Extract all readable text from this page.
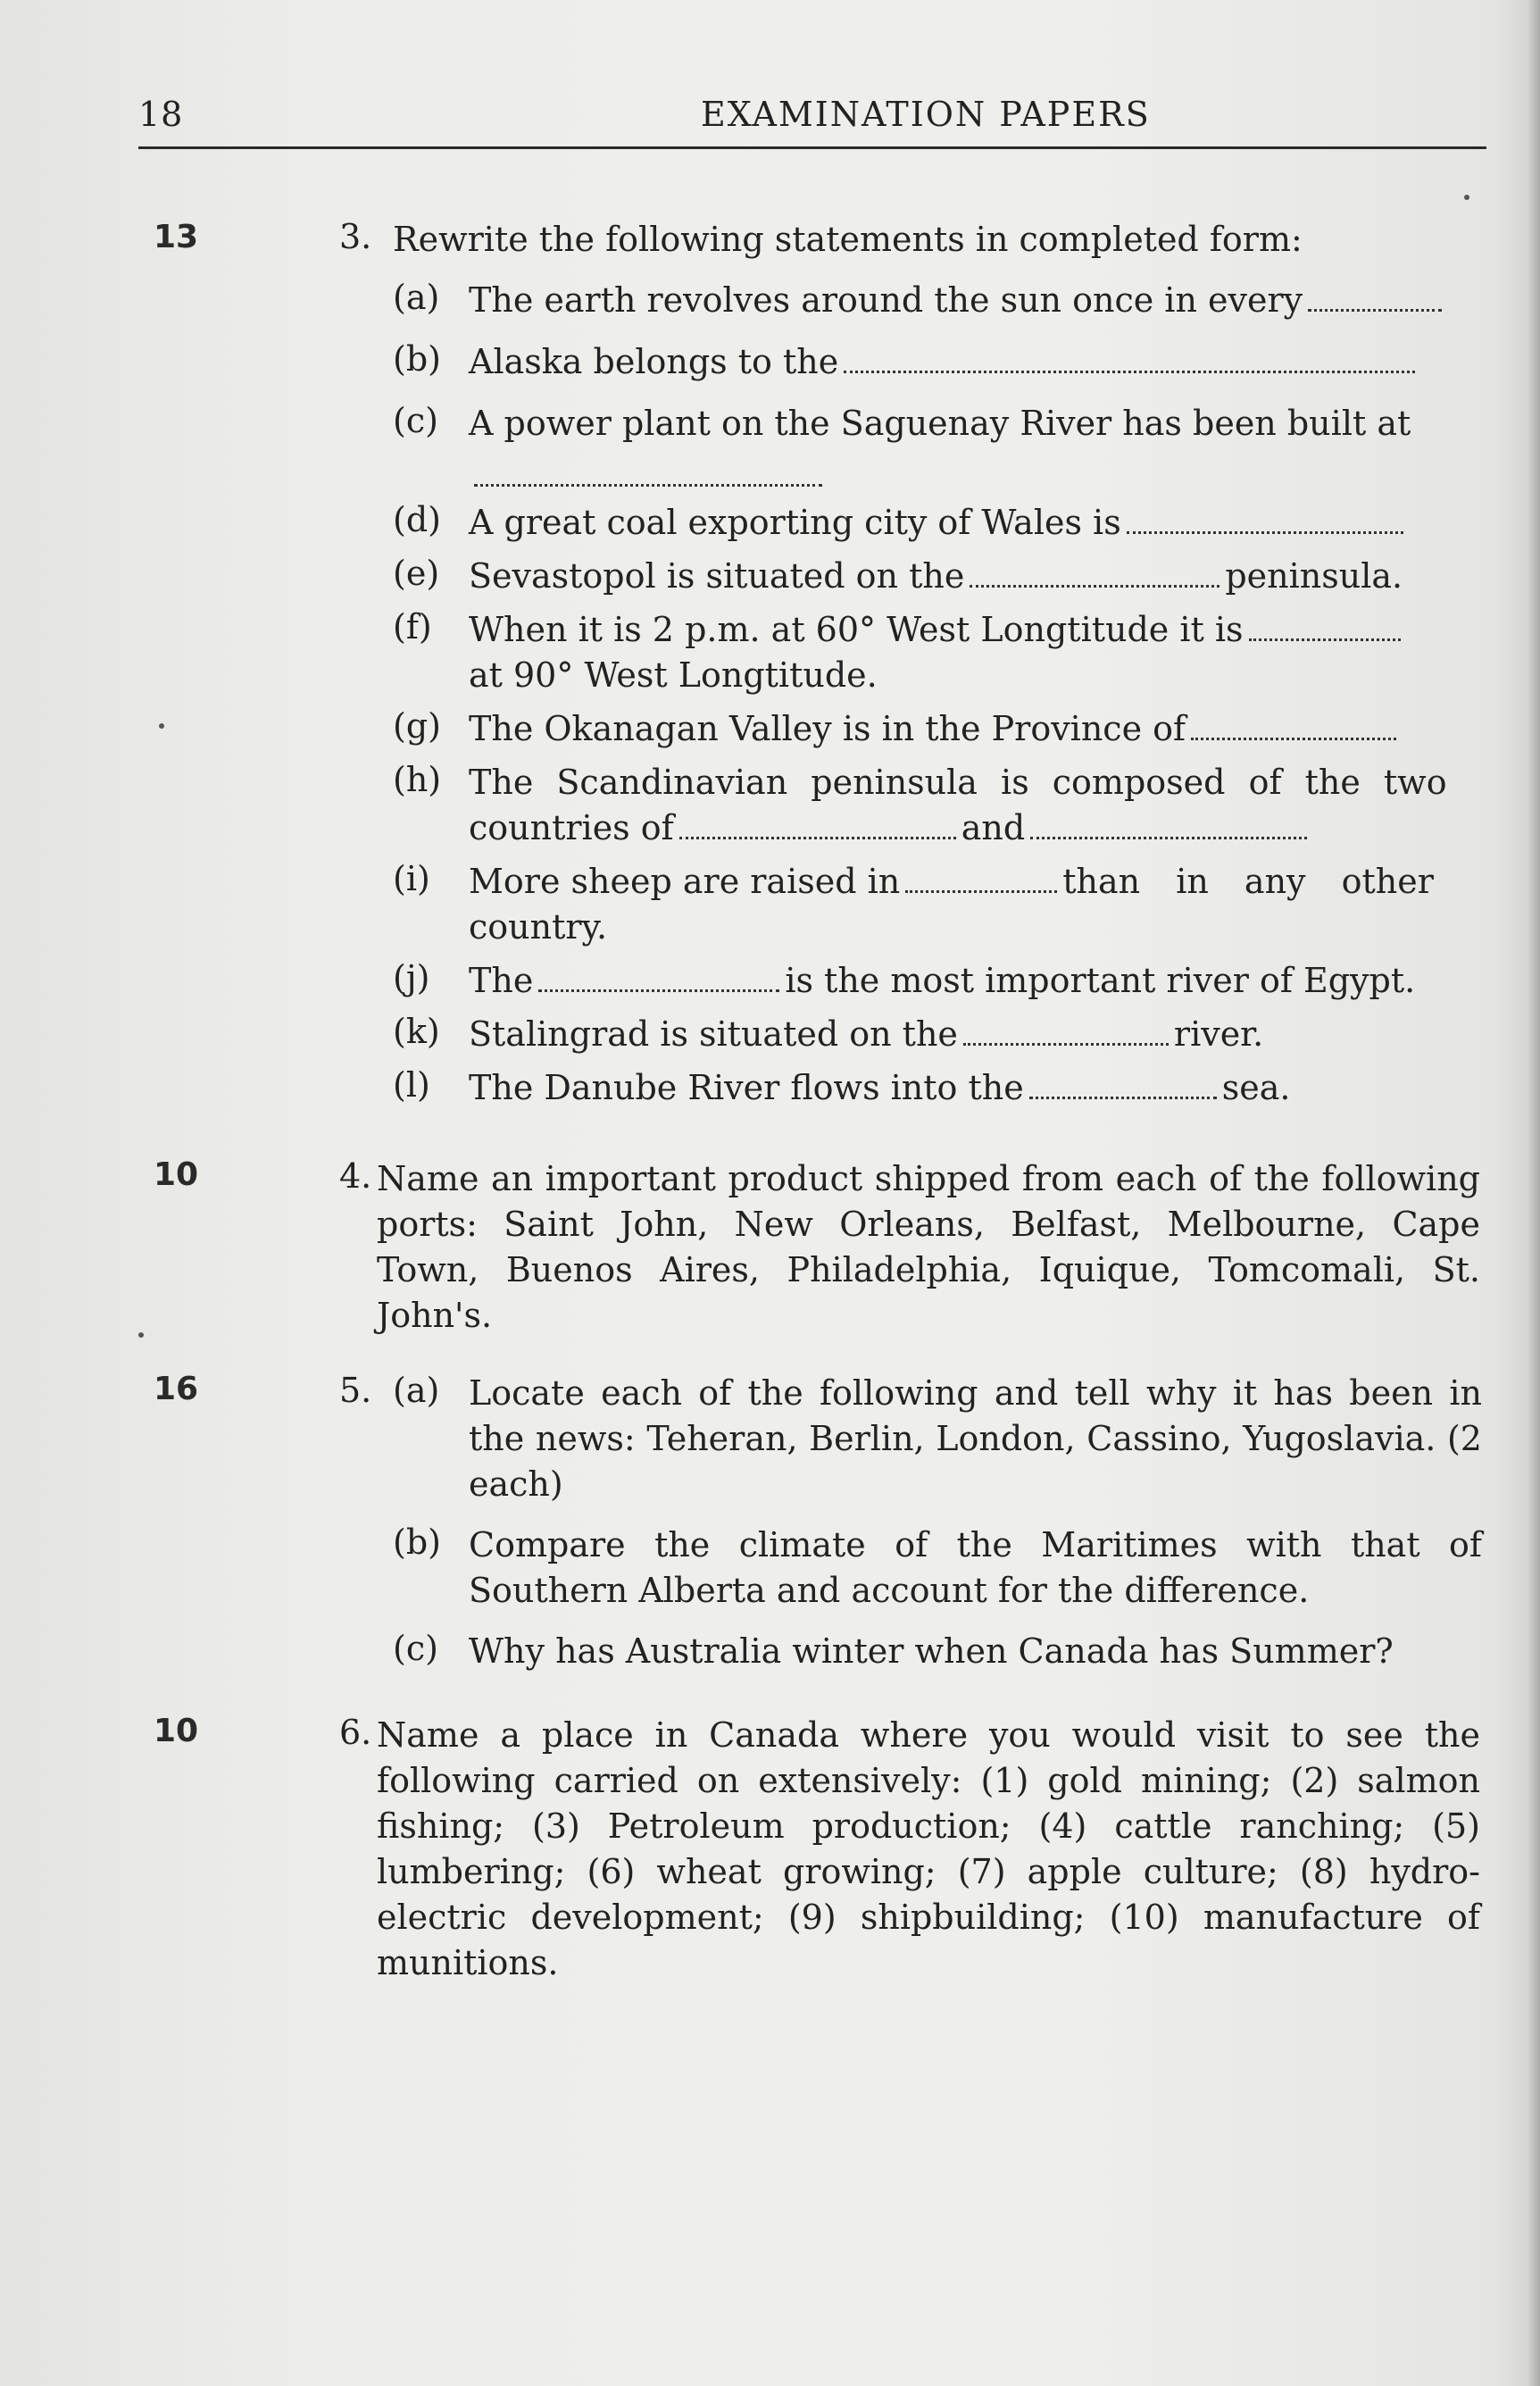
18	EXAMINATION PAPERS
13	3. Rewrite the following statements in completed form:
(a) The earth revolves around the sun once in every
(b) Alaska belongs to the
(c) A power plant on the Saguenay River has been built at
(d) A great coal exporting city of Wales is
(e) Sevastopol is situated on the	peninsula.
(f) When it is 2 p.m. at 60° West Longtitude it is
at 90° West Longtitude.
(g) The Okanagan Valley is in the Province of
(h) The Scandinavian peninsula is composed of the two
countries of	and
(i) More sheep are raised in	than in any other
country.
(j) The	is the most important river of Egypt.
(k) Stalingrad is situated on the	river.
(l) The Danube River flows into the	sea.
10	4. Name an important product shipped from each of the following ports: Saint John, New Orleans, Belfast, Melbourne, Cape Town, Buenos Aires, Philadelphia, Iquique, Tomcomali, St. John's.
16	5. (a) Locate each of the following and tell why it has been in the news: Teheran, Berlin, London, Cassino, Yugoslavia. (2 each)
(b) Compare the climate of the Maritimes with that of Southern Alberta and account for the difference.
(c) Why has Australia winter when Canada has Summer?
10	6. Name a place in Canada where you would visit to see the following carried on extensively: (1) gold mining; (2) salmon fishing; (3) Petroleum production; (4) cattle ranching; (5) lumbering; (6) wheat growing; (7) apple culture; (8) hydro-electric development; (9) shipbuilding; (10) manufacture of munitions.
